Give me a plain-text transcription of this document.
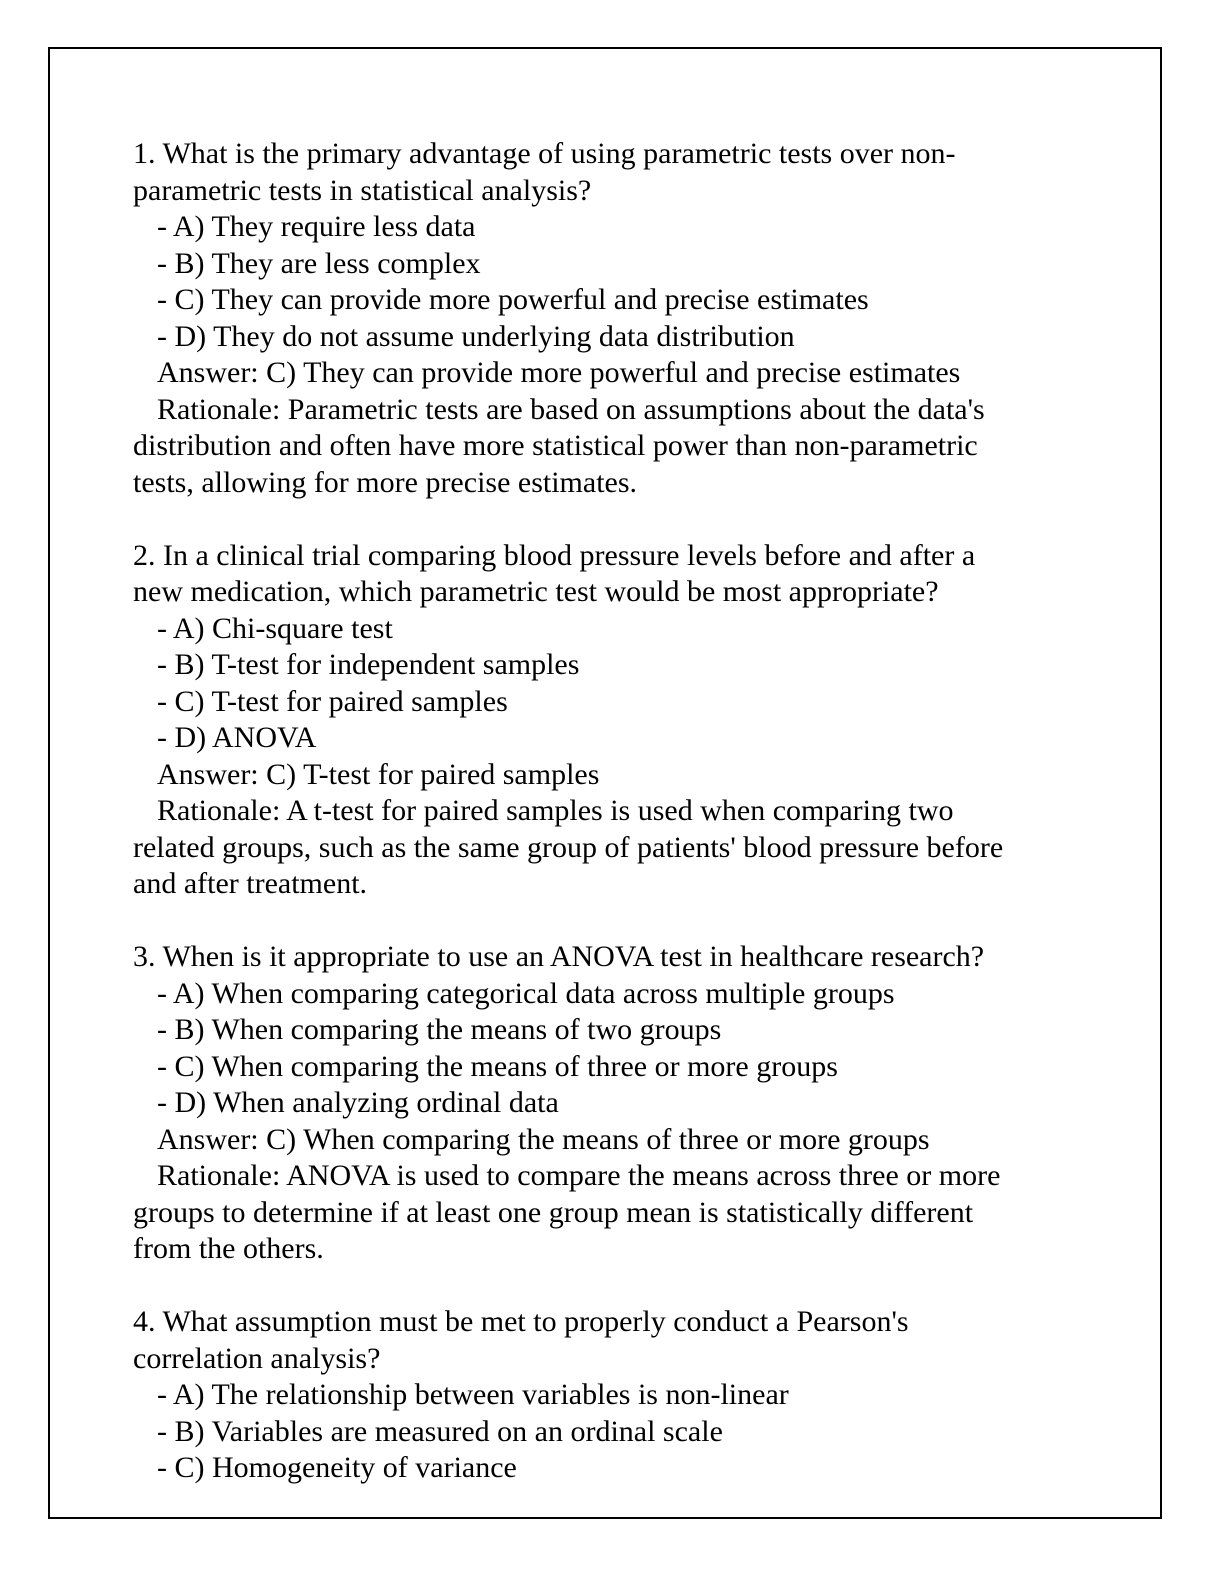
1. What is the primary advantage of using parametric tests over non-
parametric tests in statistical analysis?
- A) They require less data
- B) They are less complex
- C) They can provide more powerful and precise estimates
- D) They do not assume underlying data distribution
Answer: C) They can provide more powerful and precise estimates
Rationale: Parametric tests are based on assumptions about the data's
distribution and often have more statistical power than non-parametric
tests, allowing for more precise estimates.
2. In a clinical trial comparing blood pressure levels before and after a
new medication, which parametric test would be most appropriate?
- A) Chi-square test
- B) T-test for independent samples
- C) T-test for paired samples
- D) ANOVA
Answer: C) T-test for paired samples
Rationale: A t-test for paired samples is used when comparing two
related groups, such as the same group of patients' blood pressure before
and after treatment.
3. When is it appropriate to use an ANOVA test in healthcare research?
- A) When comparing categorical data across multiple groups
- B) When comparing the means of two groups
- C) When comparing the means of three or more groups
- D) When analyzing ordinal data
Answer: C) When comparing the means of three or more groups
Rationale: ANOVA is used to compare the means across three or more
groups to determine if at least one group mean is statistically different
from the others.
4. What assumption must be met to properly conduct a Pearson's
correlation analysis?
- A) The relationship between variables is non-linear
- B) Variables are measured on an ordinal scale
- C) Homogeneity of variance
